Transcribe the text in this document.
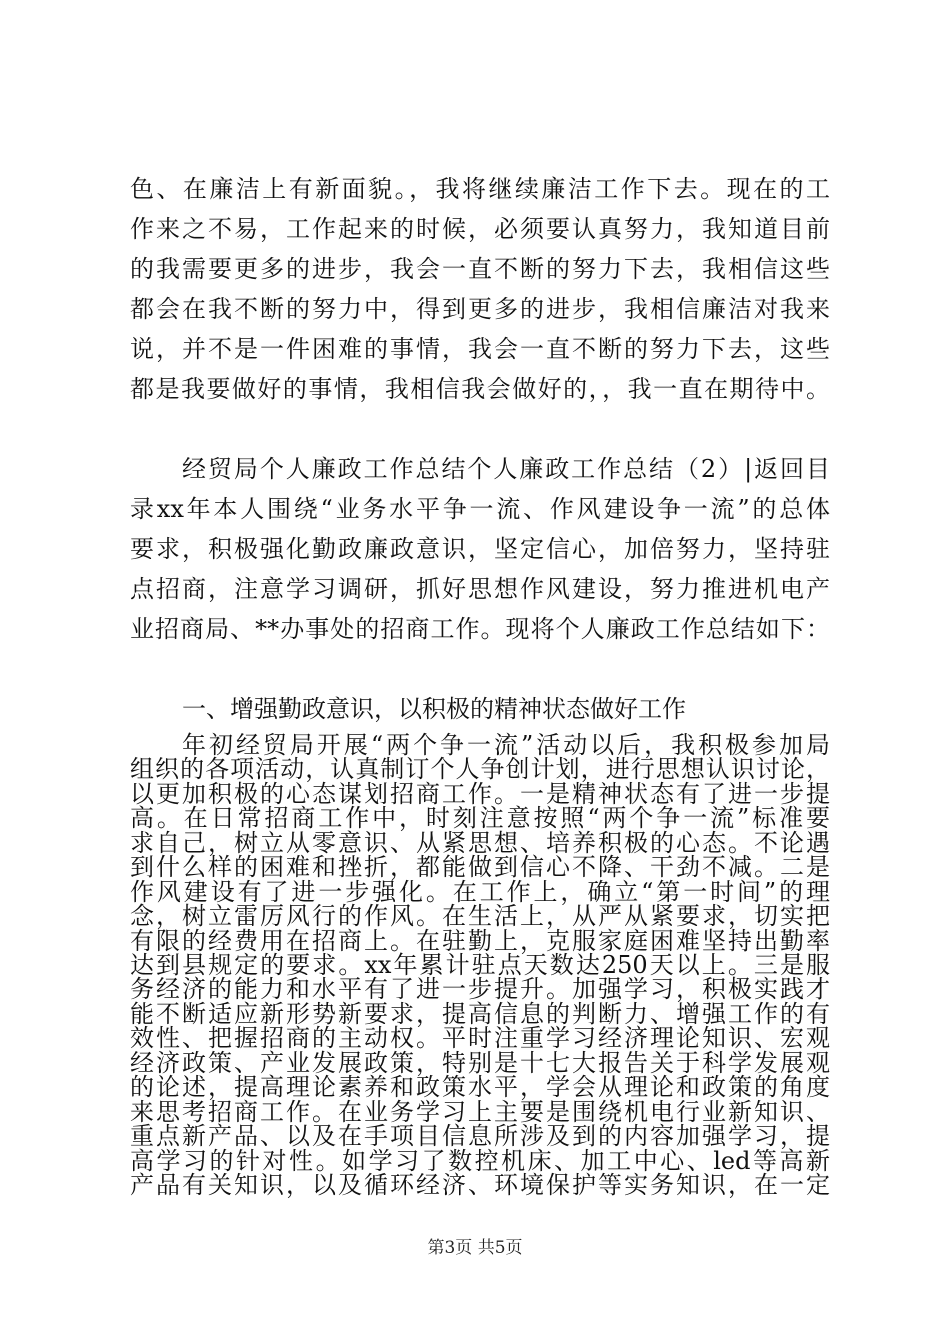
色、在廉洁上有新面貌。，我将继续廉洁工作下去。现在的工
作来之不易，工作起来的时候，必须要认真努力，我知道目前
的我需要更多的进步，我会一直不断的努力下去，我相信这些
都会在我不断的努力中，得到更多的进步，我相信廉洁对我来
说，并不是一件困难的事情，我会一直不断的努力下去，这些
都是我要做好的事情，我相信我会做好的，，我一直在期待中。
经贸局个人廉政工作总结个人廉政工作总结（2）|返回目
录xx年本人围绕“业务水平争一流、作风建设争一流”的总体
要求，积极强化勤政廉政意识，坚定信心，加倍努力，坚持驻
点招商，注意学习调研，抓好思想作风建设，努力推进机电产
业招商局、**办事处的招商工作。现将个人廉政工作总结如下：
一、增强勤政意识，以积极的精神状态做好工作
年初经贸局开展“两个争一流”活动以后，我积极参加局
组织的各项活动，认真制订个人争创计划，进行思想认识讨论，
以更加积极的心态谋划招商工作。一是精神状态有了进一步提
高。在日常招商工作中，时刻注意按照“两个争一流”标准要
求自己，树立从零意识、从紧思想、培养积极的心态。不论遇
到什么样的困难和挫折，都能做到信心不降、干劲不减。二是
作风建设有了进一步强化。在工作上，确立“第一时间”的理
念，树立雷厉风行的作风。在生活上，从严从紧要求，切实把
有限的经费用在招商上。在驻勤上，克服家庭困难坚持出勤率
达到县规定的要求。xx年累计驻点天数达250天以上。三是服
务经济的能力和水平有了进一步提升。加强学习，积极实践才
能不断适应新形势新要求，提高信息的判断力、增强工作的有
效性、把握招商的主动权。平时注重学习经济理论知识、宏观
经济政策、产业发展政策，特别是十七大报告关于科学发展观
的论述，提高理论素养和政策水平，学会从理论和政策的角度
来思考招商工作。在业务学习上主要是围绕机电行业新知识、
重点新产品、以及在手项目信息所涉及到的内容加强学习，提
高学习的针对性。如学习了数控机床、加工中心、led等高新
产品有关知识，以及循环经济、环境保护等实务知识，在一定
第3页 共5页
